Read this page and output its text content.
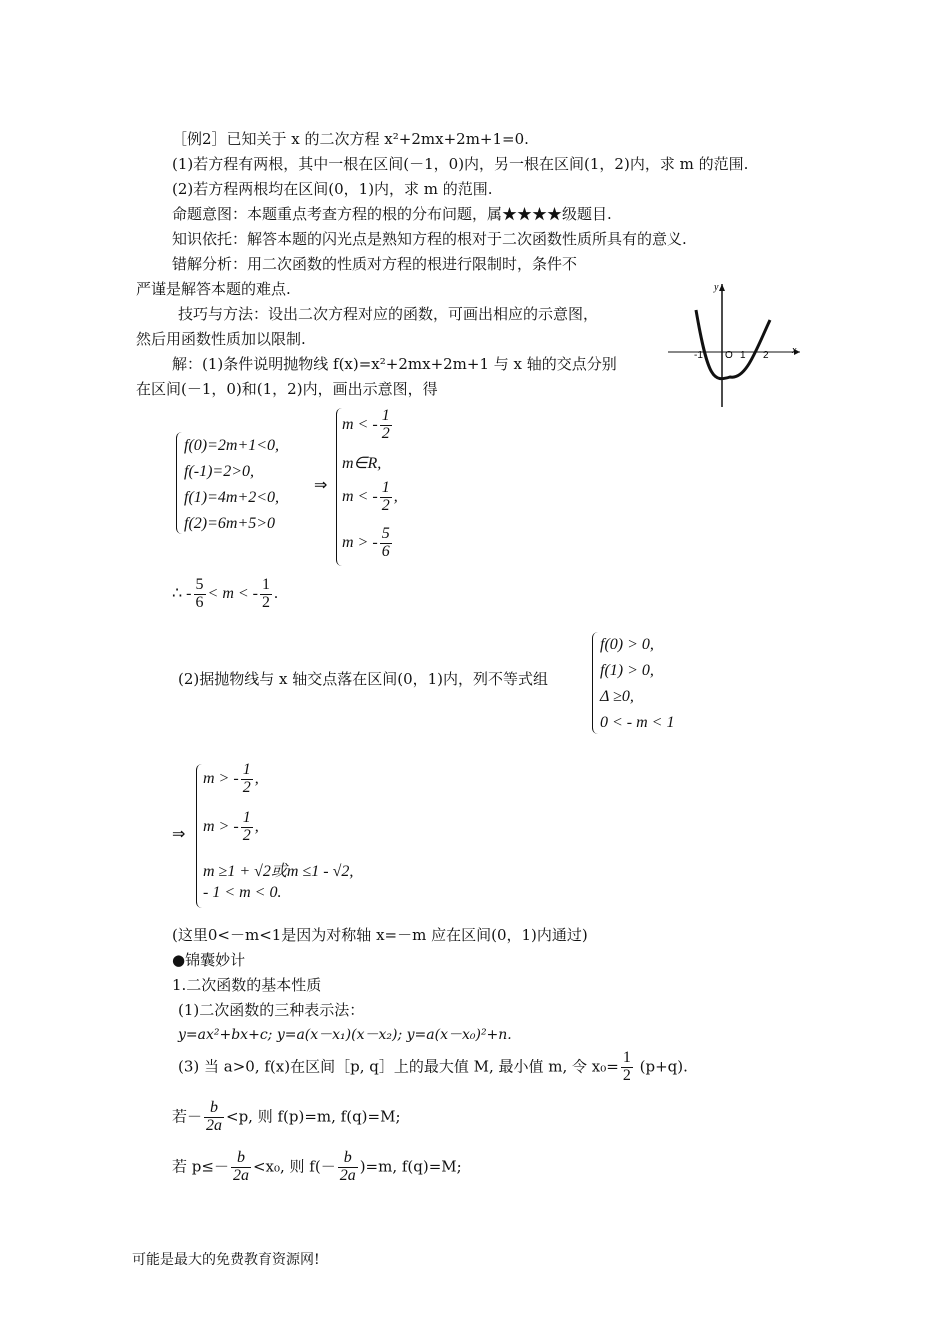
［例2］已知关于 x 的二次方程 x²+2mx+2m+1=0.
(1)若方程有两根，其中一根在区间(－1，0)内，另一根在区间(1，2)内，求 m 的范围.
(2)若方程两根均在区间(0，1)内，求 m 的范围.
命题意图：本题重点考查方程的根的分布问题，属★★★★级题目.
知识依托：解答本题的闪光点是熟知方程的根对于二次函数性质所具有的意义.
错解分析：用二次函数的性质对方程的根进行限制时，条件不
严谨是解答本题的难点.
技巧与方法：设出二次方程对应的函数，可画出相应的示意图，
然后用函数性质加以限制.
解：(1)条件说明抛物线 f(x)=x²+2mx+2m+1 与 x 轴的交点分别
在区间(－1，0)和(1，2)内，画出示意图，得
y
x
-1 O 1 2
f(0)=2m+1<0,
f(-1)=2>0,
f(1)=4m+2<0,
f(2)=6m+5>0
⇒
m < - $\frac{1}{2}$
m∈R,
m < - $\frac{1}{2}$ ,
m > - $\frac{5}{6}$
∴ - $\frac{5}{6} < m$ < - $\frac{1}{2}$ .
(2)据抛物线与 x 轴交点落在区间(0，1)内，列不等式组
f(0) > 0,
f(1) > 0,
Δ ≥0,
0 < - m < 1
⇒
m > - $\frac{1}{2}$ ,
m > - $\frac{1}{2}$ ,
m ≥1 + √2或m ≤1 - √2,
- 1 < m < 0.
(这里0<－m<1是因为对称轴 x=－m 应在区间(0，1)内通过)
●锦囊妙计
1.二次函数的基本性质
(1)二次函数的三种表示法：
y=ax²+bx+c; y=a(x－x₁)(x－x₂); y=a(x－x₀)²+n.
(3) 当 a>0, f(x)在区间［p, q］上的最大值 M, 最小值 m, 令 $x_0= \frac{1}{2} (p+q)$.
若－ $\frac{b}{2a} <p$, 则 f(p)=m, f(q)=M;
若 $p\le- \frac{b}{2a} <x_0$, 则 $f(- \frac{b}{2a} )=m$, f(q)=M;
可能是最大的免费教育资源网!
